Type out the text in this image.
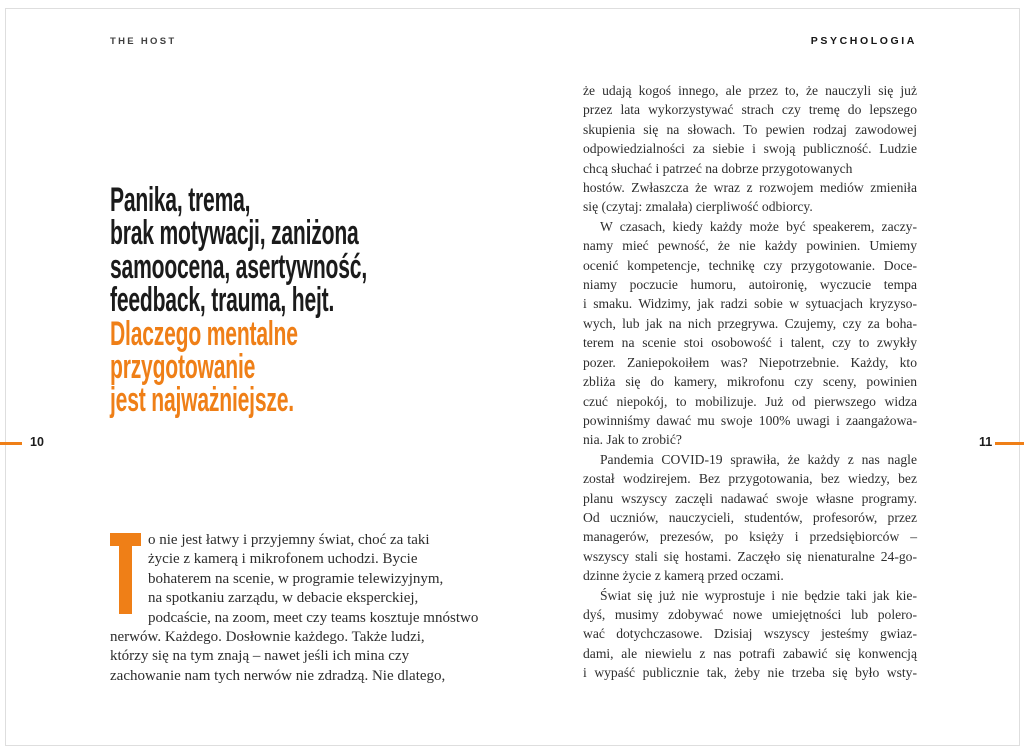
THE HOST	PSYCHOLOGIA
Panika, trema,
brak motywacji, zaniżona
samoocena, asertywność,
feedback, trauma, hejt.
Dlaczego mentalne
przygotowanie
jest najważniejsze.
10	11
o nie jest łatwy i przyjemny świat, choć za taki
życie z kamerą i mikrofonem uchodzi. Bycie
bohaterem na scenie, w programie telewizyjnym,
na spotkaniu zarządu, w debacie eksperckiej,
podcaście, na zoom, meet czy teams kosztuje mnóstwo
nerwów. Każdego. Dosłownie każdego. Także ludzi,
którzy się na tym znają – nawet jeśli ich mina czy
zachowanie nam tych nerwów nie zdradzą. Nie dlatego,
że udają kogoś innego, ale przez to, że nauczyli się już
przez lata wykorzystywać strach czy tremę do lepszego
skupienia się na słowach. To pewien rodzaj zawodowej
odpowiedzialności za siebie i swoją publiczność. Ludzie
chcą słuchać i patrzeć na dobrze przygotowanych
hostów. Zwłaszcza że wraz z rozwojem mediów zmieniła
się (czytaj: zmalała) cierpliwość odbiorcy.
W czasach, kiedy każdy może być speakerem, zaczy-
namy mieć pewność, że nie każdy powinien. Umiemy
ocenić kompetencje, technikę czy przygotowanie. Doce-
niamy poczucie humoru, autoironię, wyczucie tempa
i smaku. Widzimy, jak radzi sobie w sytuacjach kryzyso-
wych, lub jak na nich przegrywa. Czujemy, czy za boha-
terem na scenie stoi osobowość i talent, czy to zwykły
pozer. Zaniepokoiłem was? Niepotrzebnie. Każdy, kto
zbliża się do kamery, mikrofonu czy sceny, powinien
czuć niepokój, to mobilizuje. Już od pierwszego widza
powinniśmy dawać mu swoje 100% uwagi i zaangażowa-
nia. Jak to zrobić?
Pandemia COVID-19 sprawiła, że każdy z nas nagle
został wodzirejem. Bez przygotowania, bez wiedzy, bez
planu wszyscy zaczęli nadawać swoje własne programy.
Od uczniów, nauczycieli, studentów, profesorów, przez
managerów, prezesów, po księży i przedsiębiorców –
wszyscy stali się hostami. Zaczęło się nienaturalne 24-go-
dzinne życie z kamerą przed oczami.
Świat się już nie wyprostuje i nie będzie taki jak kie-
dyś, musimy zdobywać nowe umiejętności lub polero-
wać dotychczasowe. Dzisiaj wszyscy jesteśmy gwiaz-
dami, ale niewielu z nas potrafi zabawić się konwencją
i wypaść publicznie tak, żeby nie trzeba się było wsty-
